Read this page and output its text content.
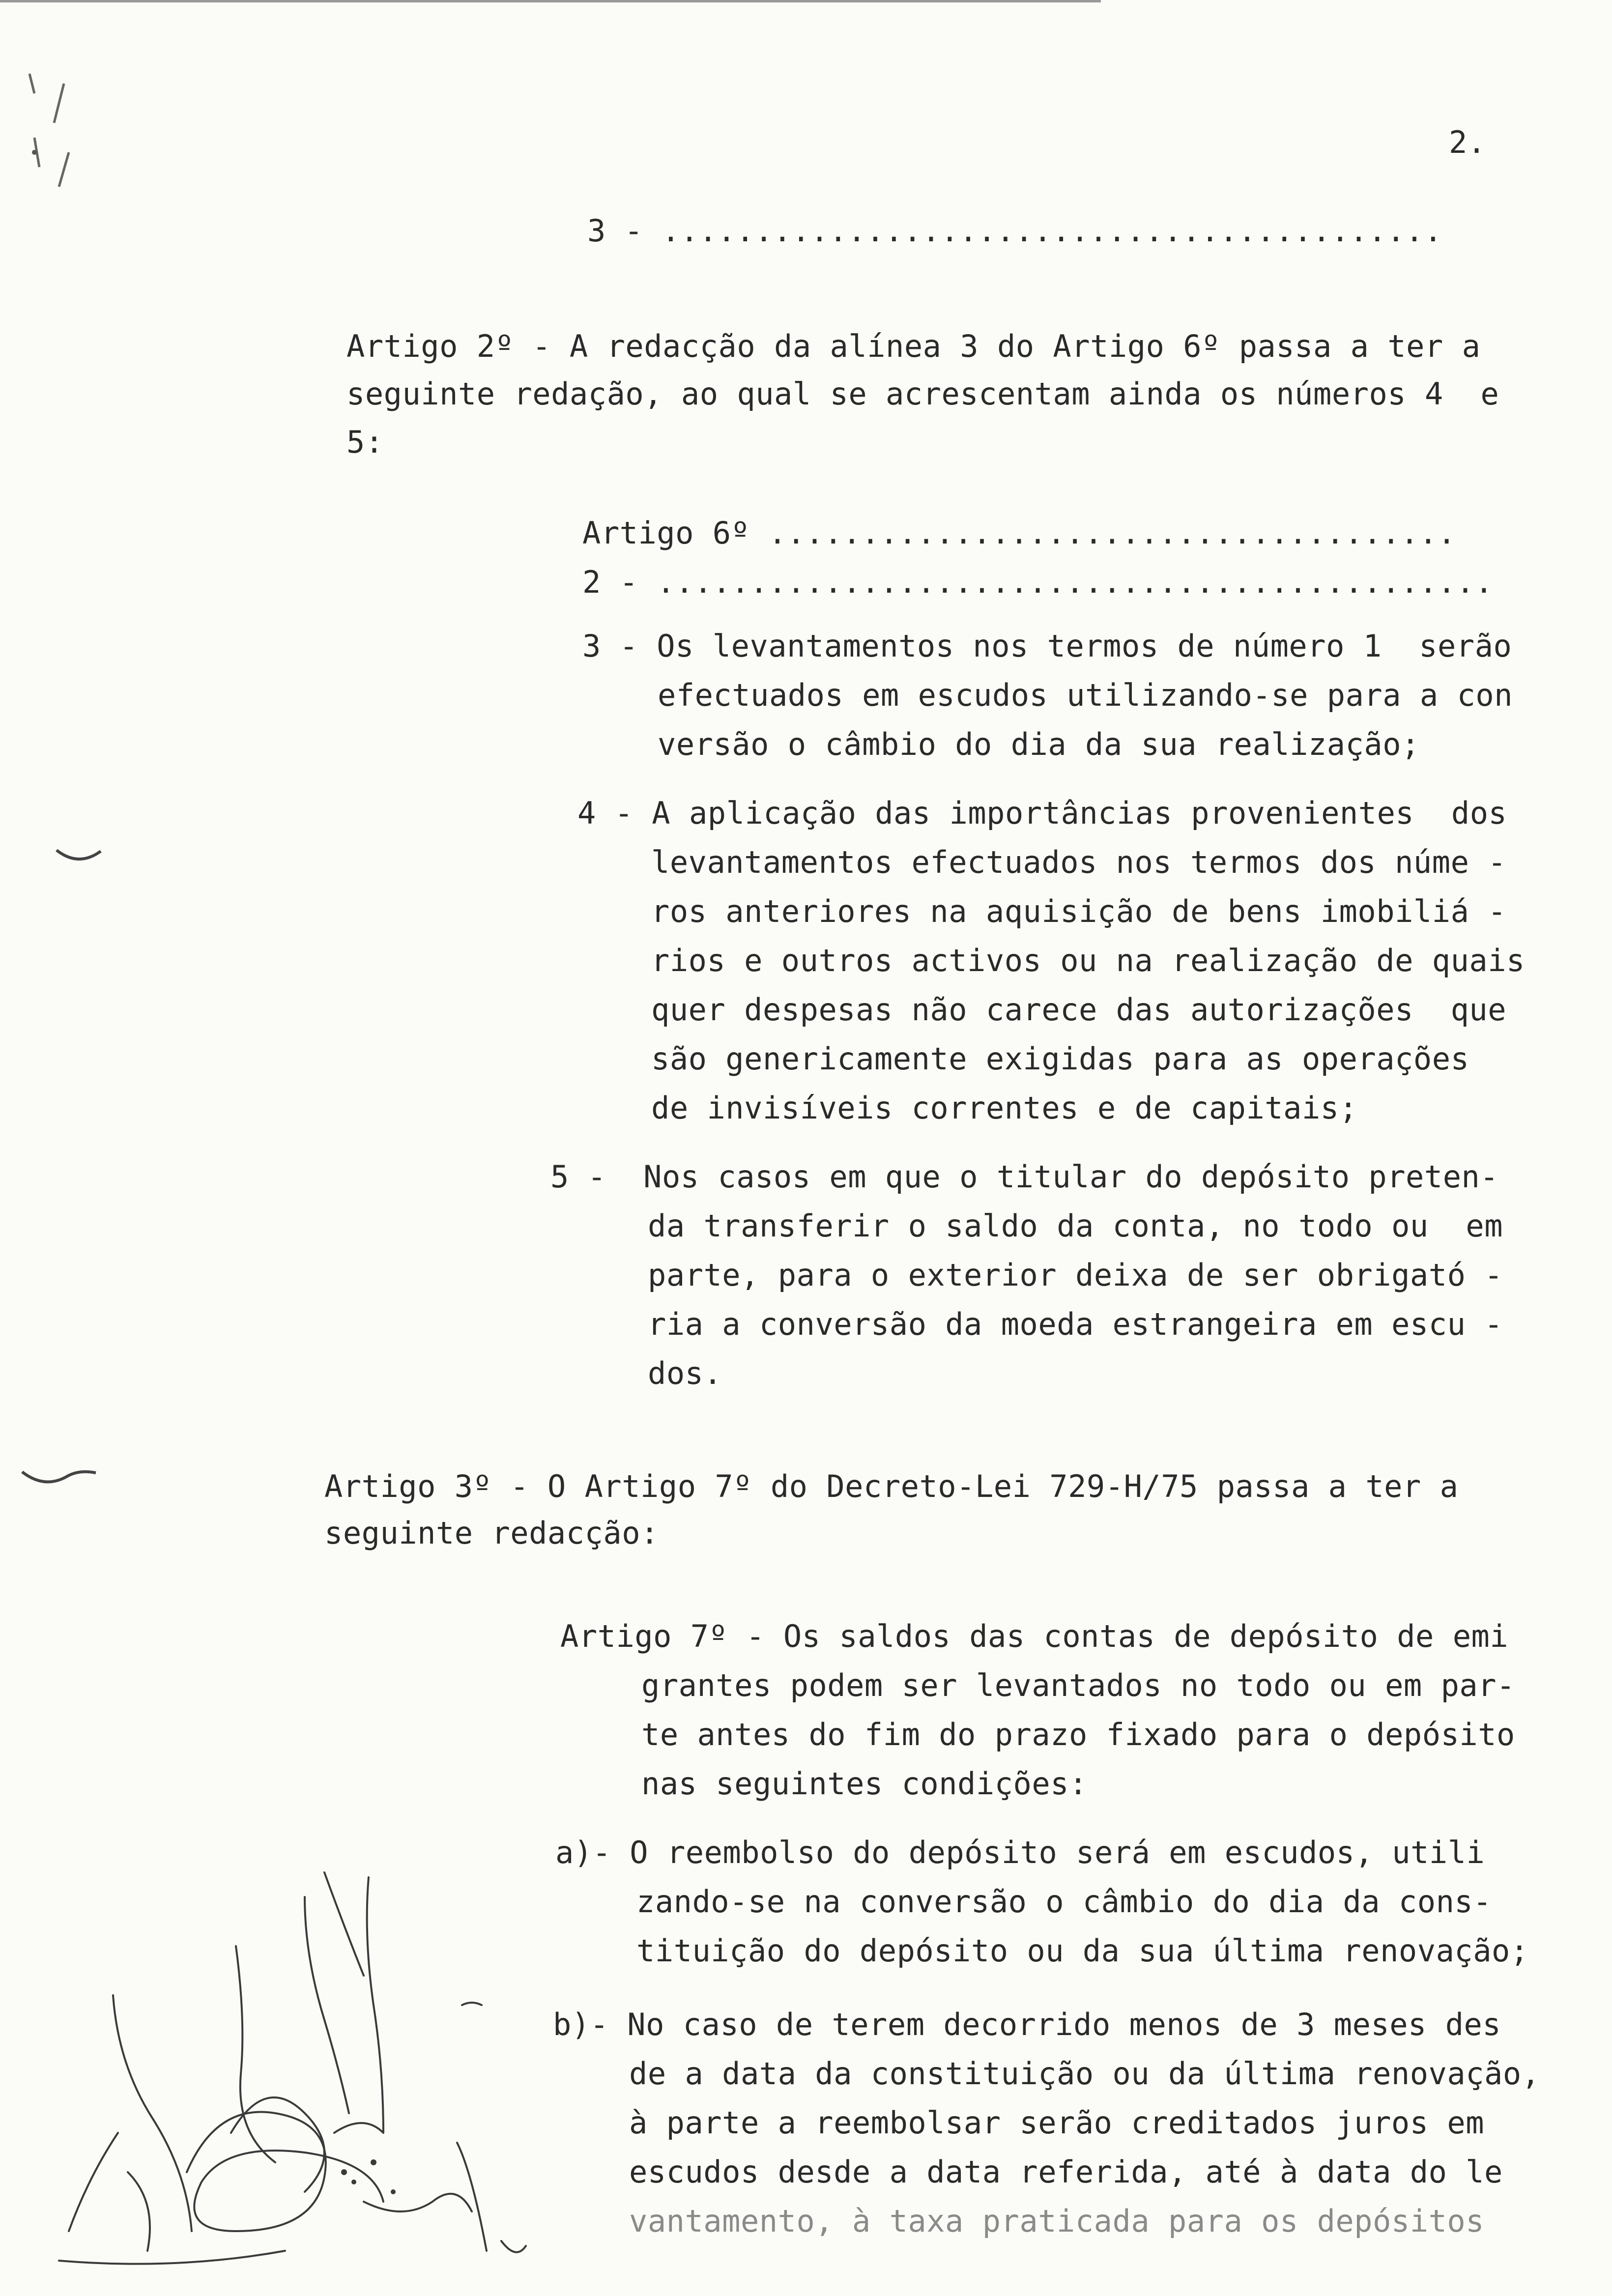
2.
3 - ..........................................
Artigo 2º - A redacção da alínea 3 do Artigo 6º passa a ter a
seguinte redação, ao qual se acrescentam ainda os números 4  e
5:
Artigo 6º .....................................
2 - .............................................
3 - Os levantamentos nos termos de número 1  serão
efectuados em escudos utilizando-se para a con
versão o câmbio do dia da sua realização;
4 - A aplicação das importâncias provenientes  dos
levantamentos efectuados nos termos dos núme -
ros anteriores na aquisição de bens imobiliá -
rios e outros activos ou na realização de quais
quer despesas não carece das autorizações  que
são genericamente exigidas para as operações
de invisíveis correntes e de capitais;
5 -  Nos casos em que o titular do depósito preten-
da transferir o saldo da conta, no todo ou  em
parte, para o exterior deixa de ser obrigató -
ria a conversão da moeda estrangeira em escu -
dos.
Artigo 3º - O Artigo 7º do Decreto-Lei 729-H/75 passa a ter a
seguinte redacção:
Artigo 7º - Os saldos das contas de depósito de emi
grantes podem ser levantados no todo ou em par-
te antes do fim do prazo fixado para o depósito
nas seguintes condições:
a)- O reembolso do depósito será em escudos, utili
zando-se na conversão o câmbio do dia da cons-
tituição do depósito ou da sua última renovação;
b)- No caso de terem decorrido menos de 3 meses des
de a data da constituição ou da última renovação,
à parte a reembolsar serão creditados juros em
escudos desde a data referida, até à data do le
vantamento, à taxa praticada para os depósitos
